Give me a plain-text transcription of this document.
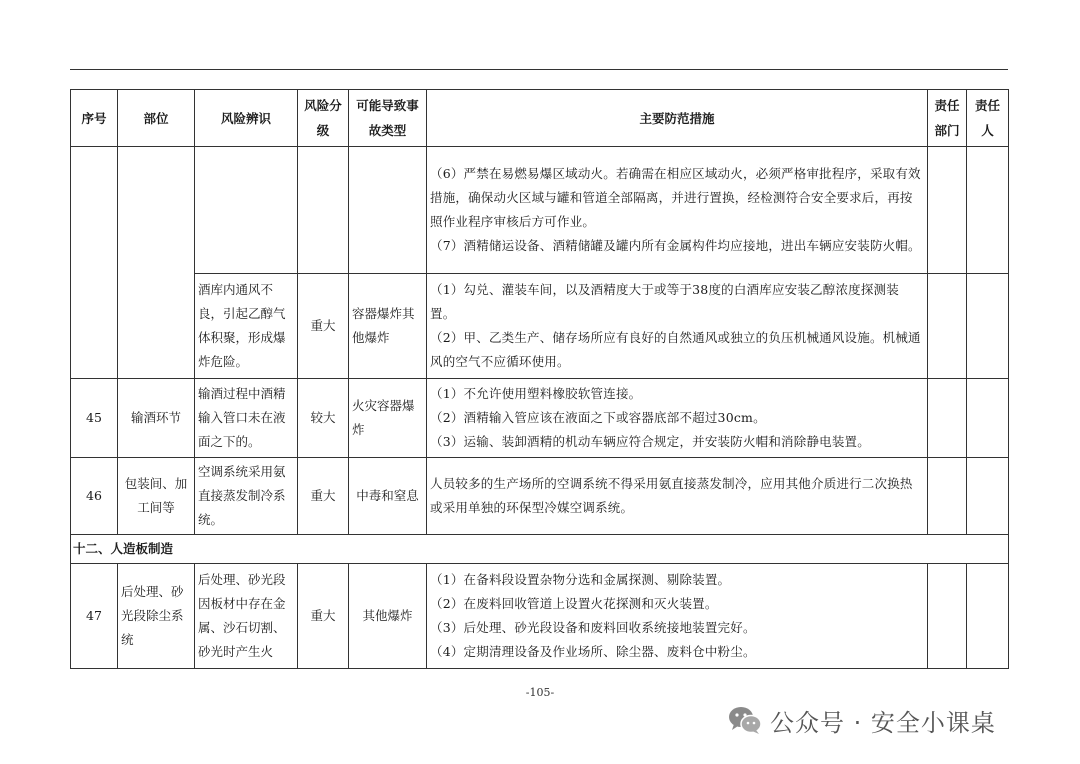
序号	部位	风险辨识	风险分级	可能导致事故类型	主要防范措施	责任部门	责任人

					（6）严禁在易燃易爆区域动火。若确需在相应区域动火，必须严格审批程序，采取有效措施，确保动火区域与罐和管道全部隔离，并进行置换，经检测符合安全要求后，再按照作业程序审核后方可作业。
（7）酒精储运设备、酒精储罐及罐内所有金属构件均应接地，进出车辆应安装防火帽。		

		酒库内通风不良，引起乙醇气体积聚，形成爆炸危险。	重大	容器爆炸其他爆炸	（1）勾兑、灌装车间，以及酒精度大于或等于38度的白酒库应安装乙醇浓度探测装置。
（2）甲、乙类生产、储存场所应有良好的自然通风或独立的负压机械通风设施。机械通风的空气不应循环使用。		

45	输酒环节	输酒过程中酒精输入管口未在液面之下的。	较大	火灾容器爆炸	（1）不允许使用塑料橡胶软管连接。
（2）酒精输入管应该在液面之下或容器底部不超过30cm。
（3）运输、装卸酒精的机动车辆应符合规定，并安装防火帽和消除静电装置。		

46	包装间、加工间等	空调系统采用氨直接蒸发制冷系统。	重大	中毒和窒息	人员较多的生产场所的空调系统不得采用氨直接蒸发制冷，应用其他介质进行二次换热或采用单独的环保型冷媒空调系统。		

十二、人造板制造							
47	后处理、砂光段除尘系统	后处理、砂光段因板材中存在金属、沙石切割、砂光时产生火	重大	其他爆炸	（1）在备料段设置杂物分选和金属探测、剔除装置。
（2）在废料回收管道上设置火花探测和灭火装置。
（3）后处理、砂光段设备和废料回收系统接地装置完好。
（4）定期清理设备及作业场所、除尘器、废料仓中粉尘。		

-105-
公众号 · 安全小课桌
